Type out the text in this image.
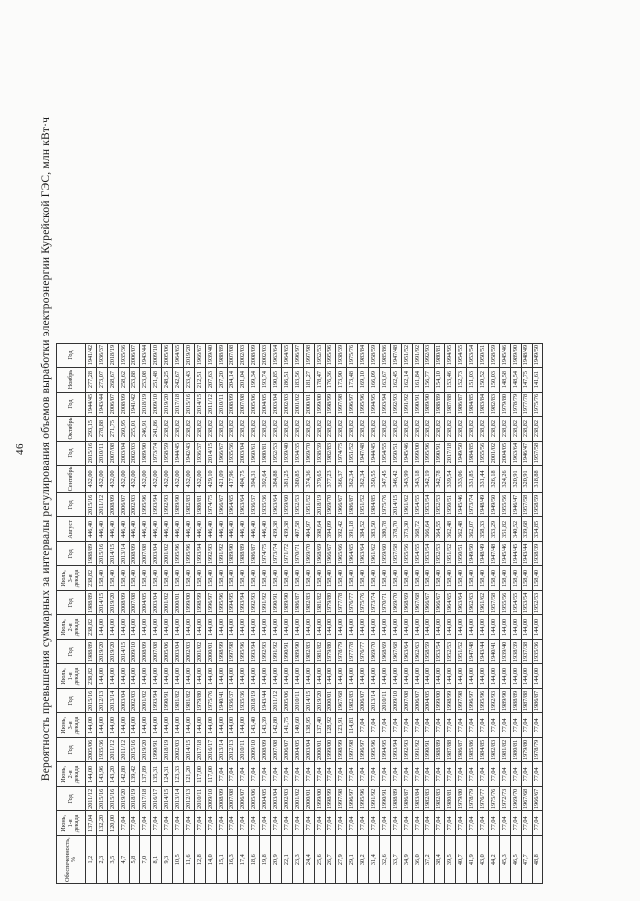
46 Вероятность превышения суммарных за интервалы регулирования объемов выработки электроэнергии Курейской ГЭС, млн кВт·ч
Обеспеченность, %	Июнь, 1-я декада	Год	Июнь, 2-я декада	Год	Июнь, 3-я декада	Год	Июль, 1-я декада	Год	Июль, 2-я декада	Год	Июль, 3-я декада	Год	Август	Год	Сентябрь	Год	Октябрь	Год	Ноябрь	Год
1,2	137,04	2011/12	144,00	2005/06	144,00	2015/16	238,82	1988/89	238,82	1988/89	238,82	1988/89	446,40	2015/16	432,00	2015/16	293,15	1944/45	277,28	1941/42
2,3	132,20	2015/16	143,96	1935/36	144,00	2012/13	144,00	2019/20	144,00	2014/15	158,40	2015/16	446,40	2011/12	432,00	2010/11	278,88	1943/44	273,07	1936/37
3,5	120,00	2015/16	143,20	2011/12	144,00	2013/14	144,00	2019/20	144,00	2019/20	158,40	2014/15	446,40	2008/09	432,00	2007/08	271,75	2006/07	268,67	2018/19
4,7	77,04	2019/20	142,80	2011/12	144,00	2003/04	144,00	2014/15	144,00	2008/09	158,40	2013/14	446,40	2006/07	432,00	2003/04	260,95	2008/09	258,62	1935/36
5,8	77,04	2018/19	139,42	2015/16	144,00	2002/03	144,00	2009/10	144,00	2007/08	158,40	2008/09	446,40	2002/03	432,00	2002/03	255,01	1941/42	253,88	2006/07
7,0	77,04	2017/18	137,89	2019/20	144,00	2001/02	144,00	2008/09	144,00	2004/05	158,40	2007/08	446,40	1995/96	432,00	1989/90	246,91	2018/19	253,08	1943/44
8,1	77,04	2016/17	135,31	1990/91	144,00	1993/94	144,00	2007/08	144,00	2003/04	158,40	2003/04	446,40	1993/94	432,00	1973/74	241,86	2009/10	251,48	2009/10
9,3	77,04	2014/15	124,31	2018/19	144,00	1990/91	144,00	2005/06	144,00	2001/02	158,40	2001/02	446,40	1992/93	432,00	1958/59	238,82	2019/20	248,25	2005/06
10,5	77,04	2013/14	123,33	2002/03	144,00	1981/82	144,00	2003/04	144,00	2000/01	158,40	1995/96	446,40	1989/90	432,00	1944/45	238,82	2017/18	242,67	1964/65
11,6	77,04	2012/13	121,20	2014/15	144,00	1981/82	144,00	2002/03	144,00	1999/00	158,40	1995/96	446,40	1982/83	432,00	1942/43	238,82	2015/16	233,43	2019/20
12,8	77,04	2010/11	117,00	2017/18	144,00	1979/80	144,00	2001/02	144,00	1998/99	158,40	1993/94	446,40	1980/81	432,00	1936/37	238,82	2014/15	212,51	1966/67
14,0	77,04	2009/10	117,00	2016/17	144,00	1975/76	144,00	2000/01	144,00	1996/97	158,40	1992/93	446,40	1974/75	429,10	2014/15	238,82	2011/12	207,63	1939/40
15,1	77,04	2008/09	77,04	2013/14	144,00	1940/41	144,00	1998/99	144,00	1995/96	158,40	1991/92	446,40	1966/67	421,09	1966/67	238,82	2010/11	207,20	1988/89
16,3	77,04	2007/08	77,04	2012/13	144,00	1936/37	144,00	1997/98	144,00	1994/95	158,40	1989/90	446,40	1964/65	417,96	1935/36	238,82	2008/09	204,14	2007/08
17,4	77,04	2006/07	77,04	2010/11	144,00	1935/36	144,00	1995/96	144,00	1993/94	158,40	1988/89	446,40	1963/64	404,75	2003/04	238,82	2007/08	201,04	2002/03
18,6	77,04	2005/06	77,04	2009/10	143,40	2018/19	144,00	1993/94	144,00	1992/93	158,40	1986/87	446,40	1936/37	394,31	1960/61	238,82	2005/06	199,34	2008/09
19,8	77,04	2004/05	77,04	2008/09	143,39	1943/44	144,00	1992/93	144,00	1991/92	158,40	1974/75	446,40	1935/36	392,64	1980/81	238,82	2004/05	193,74	2002/03
20,9	77,04	2003/04	77,04	2007/08	142,80	2011/12	144,00	1991/92	144,00	1990/91	158,40	1973/74	439,38	1963/64	384,88	1952/53	238,82	2003/04	190,85	1963/64
22,1	77,04	2002/03	77,04	2006/07	141,75	2005/06	144,00	1990/91	144,00	1989/90	158,40	1971/72	439,38	1959/60	381,25	1939/40	238,82	2002/03	186,51	1964/65
23,3	77,04	2001/02	77,04	2004/05	140,60	2010/11	144,00	1989/90	144,00	1986/87	158,40	1970/71	407,58	1952/53	380,85	1934/35	238,82	2001/02	183,56	1996/97
24,4	77,04	2000/01	77,04	2003/04	138,95	2014/15	144,00	1982/83	144,00	1982/83	158,40	1969/70	404,97	1951/52	374,36	1969/70	238,82	2000/01	181,27	1997/98
25,6	77,04	1999/00	77,04	2000/01	137,40	2019/20	144,00	1981/82	144,00	1981/82	158,40	1968/69	398,64	2018/19	379,65	1938/39	238,82	1999/00	178,47	1952/53
26,7	77,04	1998/99	77,04	1999/00	128,92	2000/01	144,00	1979/80	144,00	1979/80	158,40	1966/67	394,09	1969/70	377,23	1982/83	238,82	1998/99	176,36	1995/96
27,9	77,04	1997/98	77,04	1998/99	123,91	1967/68	144,00	1978/79	144,00	1977/78	158,40	1965/66	392,42	1966/67	366,37	1974/75	238,82	1997/98	173,90	1938/39
29,1	77,04	1996/97	77,04	1997/98	114,81	1982/83	144,00	1977/78	144,00	1976/77	158,40	1964/65	391,18	1986/87	362,34	1951/52	238,82	1996/97	173,48	1975/76
30,2	77,04	1995/96	77,04	1996/97	77,04	2006/07	144,00	1976/77	144,00	1975/76	158,40	1963/64	384,52	1951/52	362,34	1947/48	238,82	1995/96	169,10	1983/84
31,4	77,04	1991/92	77,04	1995/96	77,04	2013/14	144,00	1969/70	144,00	1973/74	158,40	1961/62	383,50	1984/85	350,55	1944/45	238,82	1994/95	166,09	1958/59
32,6	77,04	1990/91	77,04	1994/95	77,04	2010/11	144,00	1968/69	144,00	1970/71	158,40	1959/60	380,78	1975/76	347,45	1954/55	238,82	1993/94	163,67	1985/86
33,7	77,04	1988/89	77,04	1993/94	77,04	2009/10	144,00	1967/68	144,00	1969/70	158,40	1957/58	378,70	2014/15	346,42	1950/51	238,82	1992/93	162,45	1947/48
34,9	77,04	1986/87	77,04	1992/93	77,04	2007/08	144,00	1963/64	144,00	1968/69	158,40	1955/56	373,30	1961/62	343,99	1945/46	238,82	1991/92	162,14	1951/52
36,0	77,04	1983/84	77,04	1991/92	77,04	2006/07	144,00	1962/63	144,00	1967/68	158,40	1954/55	368,72	1954/55	343,18	1999/00	238,82	1990/91	161,84	1991/92
37,2	77,04	1982/83	77,04	1990/91	77,04	2004/05	144,00	1958/59	144,00	1966/67	158,40	1953/54	366,64	1953/54	342,19	1995/96	238,82	1989/90	156,77	1992/93
38,4	77,04	1982/83	77,04	1988/89	77,04	1999/00	144,00	1953/54	144,00	1966/67	158,40	1952/53	364,55	1952/53	342,78	1990/91	238,82	1988/89	154,10	1980/81
39,5	77,04	1980/81	77,04	1987/88	77,04	1998/99	144,00	1952/53	144,00	1964/65	158,40	1951/52	362,48	1950/51	339,54	2017/18	238,82	1987/88	153,46	1994/95
40,7	77,04	1979/80	77,04	1986/87	77,04	1997/98	144,00	1951/52	144,00	1963/64	158,40	1950/51	362,48	1945/46	333,06	1949/50	238,82	1986/87	152,73	1954/55
41,9	77,04	1978/79	77,04	1985/86	77,04	1996/97	144,00	1947/48	144,00	1962/63	158,40	1949/50	362,07	1973/74	331,85	1984/85	238,82	1984/85	151,03	1953/54
43,0	77,04	1976/77	77,04	1984/85	77,04	1995/96	144,00	1943/44	144,00	1961/62	158,40	1948/49	358,33	1948/49	331,44	1955/56	238,82	1983/84	150,52	1950/51
44,2	77,04	1975/76	77,04	1982/83	77,04	1992/93	144,00	1940/41	144,00	1957/58	158,40	1947/48	353,29	1949/50	326,18	2001/02	238,82	1982/83	150,03	1958/59
45,3	77,04	1972/73	77,04	1981/82	77,04	1989/90	144,00	1939/40	144,00	1955/56	158,40	1945/46	351,82	1955/56	324,26	2004/05	238,82	1979/80	148,58	1945/46
46,5	77,04	1969/70	77,04	1980/81	77,04	1988/89	144,00	1938/39	144,00	1954/55	158,40	1944/45	340,52	1946/47	320,91	1963/64	238,82	1978/79	148,54	1989/90
47,7	77,04	1967/68	77,04	1979/80	77,04	1987/88	144,00	1937/38	144,00	1953/54	158,40	1943/44	339,68	1957/58	320,91	1946/47	238,82	1977/78	147,75	1948/49
48,8	77,04	1966/67	77,04	1978/79	77,04	1986/87	144,00	1935/36	144,00	1952/53	158,40	1938/39	334,85	1958/59	318,88	1957/58	238,82	1975/76	141,61	1949/50
